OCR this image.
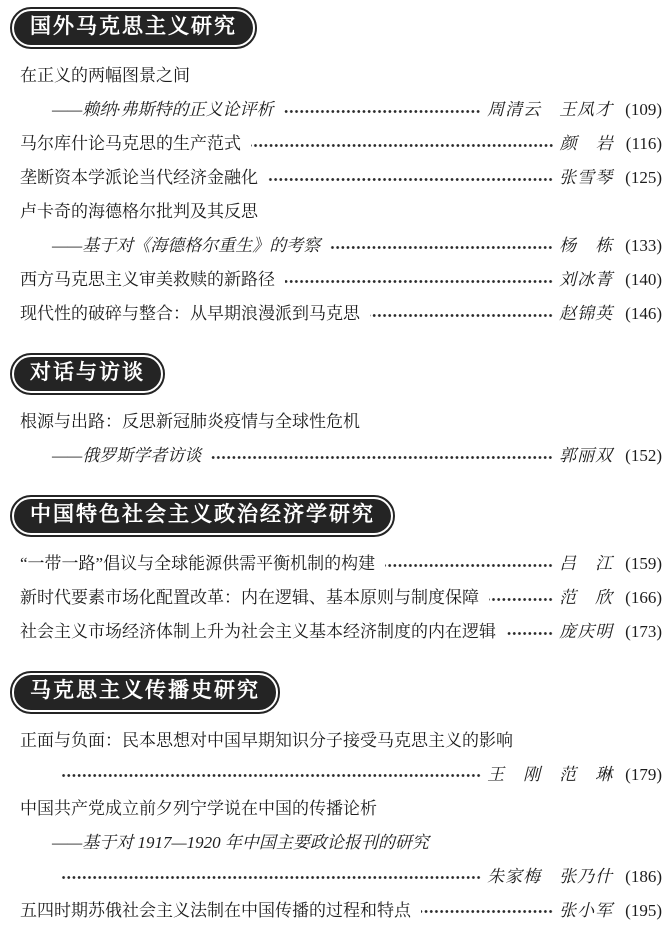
国外马克思主义研究
在正义的两幅图景之间
——赖纳·弗斯特的正义论评析	周清云　王凤才 (109)
马尔库什论马克思的生产范式	颜　岩 (116)
垄断资本学派论当代经济金融化	张雪琴 (125)
卢卡奇的海德格尔批判及其反思
——基于对《海德格尔重生》的考察	杨　栋 (133)
西方马克思主义审美救赎的新路径	刘冰菁 (140)
现代性的破碎与整合：从早期浪漫派到马克思	赵锦英 (146)
对话与访谈
根源与出路：反思新冠肺炎疫情与全球性危机
——俄罗斯学者访谈	郭丽双 (152)
中国特色社会主义政治经济学研究
“一带一路”倡议与全球能源供需平衡机制的构建	吕　江 (159)
新时代要素市场化配置改革：内在逻辑、基本原则与制度保障	范　欣 (166)
社会主义市场经济体制上升为社会主义基本经济制度的内在逻辑	庞庆明 (173)
马克思主义传播史研究
正面与负面：民本思想对中国早期知识分子接受马克思主义的影响
王　刚　范　琳 (179)
中国共产党成立前夕列宁学说在中国的传播论析
——基于对 1917—1920 年中国主要政论报刊的研究
朱家梅　张乃什 (186)
五四时期苏俄社会主义法制在中国传播的过程和特点	张小军 (195)
